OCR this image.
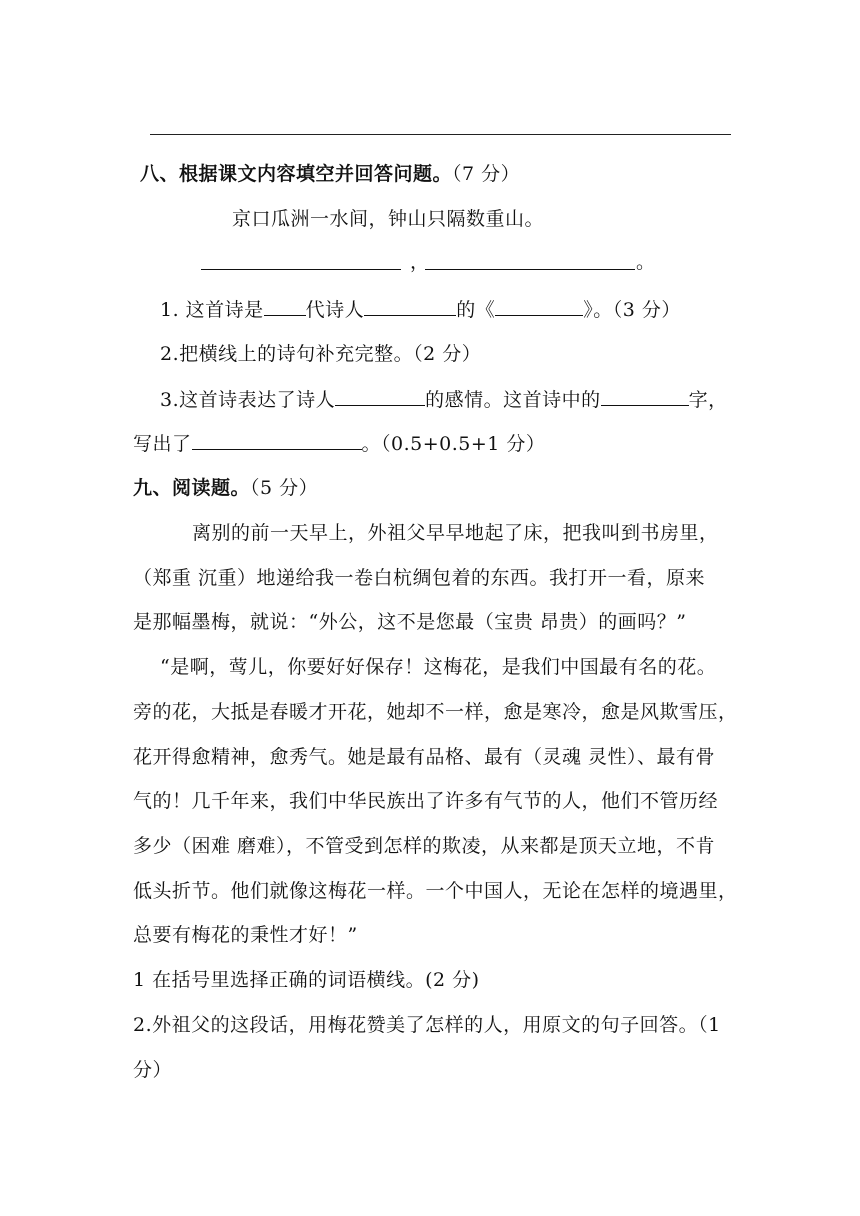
八、根据课文内容填空并回答问题。（7 分）
京口瓜洲一水间，钟山只隔数重山。
，	。
1. 这首诗是 代诗人	的《	》。（3 分）
2.把横线上的诗句补充完整。（2 分）
3.这首诗表达了诗人	的感情。这首诗中的	字，
写出了	。（0.5+0.5+1 分）
九、阅读题。（5 分）
离别的前一天早上，外祖父早早地起了床，把我叫到书房里，
（郑重 沉重）地递给我一卷白杭绸包着的东西。我打开一看，原来
是那幅墨梅，就说：“外公，这不是您最（宝贵 昂贵）的画吗？”
“是啊，莺儿，你要好好保存！这梅花，是我们中国最有名的花。
旁的花，大抵是春暖才开花，她却不一样，愈是寒冷，愈是风欺雪压，
花开得愈精神，愈秀气。她是最有品格、最有（灵魂 灵性）、最有骨
气的！几千年来，我们中华民族出了许多有气节的人，他们不管历经
多少（困难 磨难），不管受到怎样的欺凌，从来都是顶天立地，不肯
低头折节。他们就像这梅花一样。一个中国人，无论在怎样的境遇里，
总要有梅花的秉性才好！”
1 在括号里选择正确的词语横线。(2 分)
2.外祖父的这段话，用梅花赞美了怎样的人，用原文的句子回答。（1
分）
